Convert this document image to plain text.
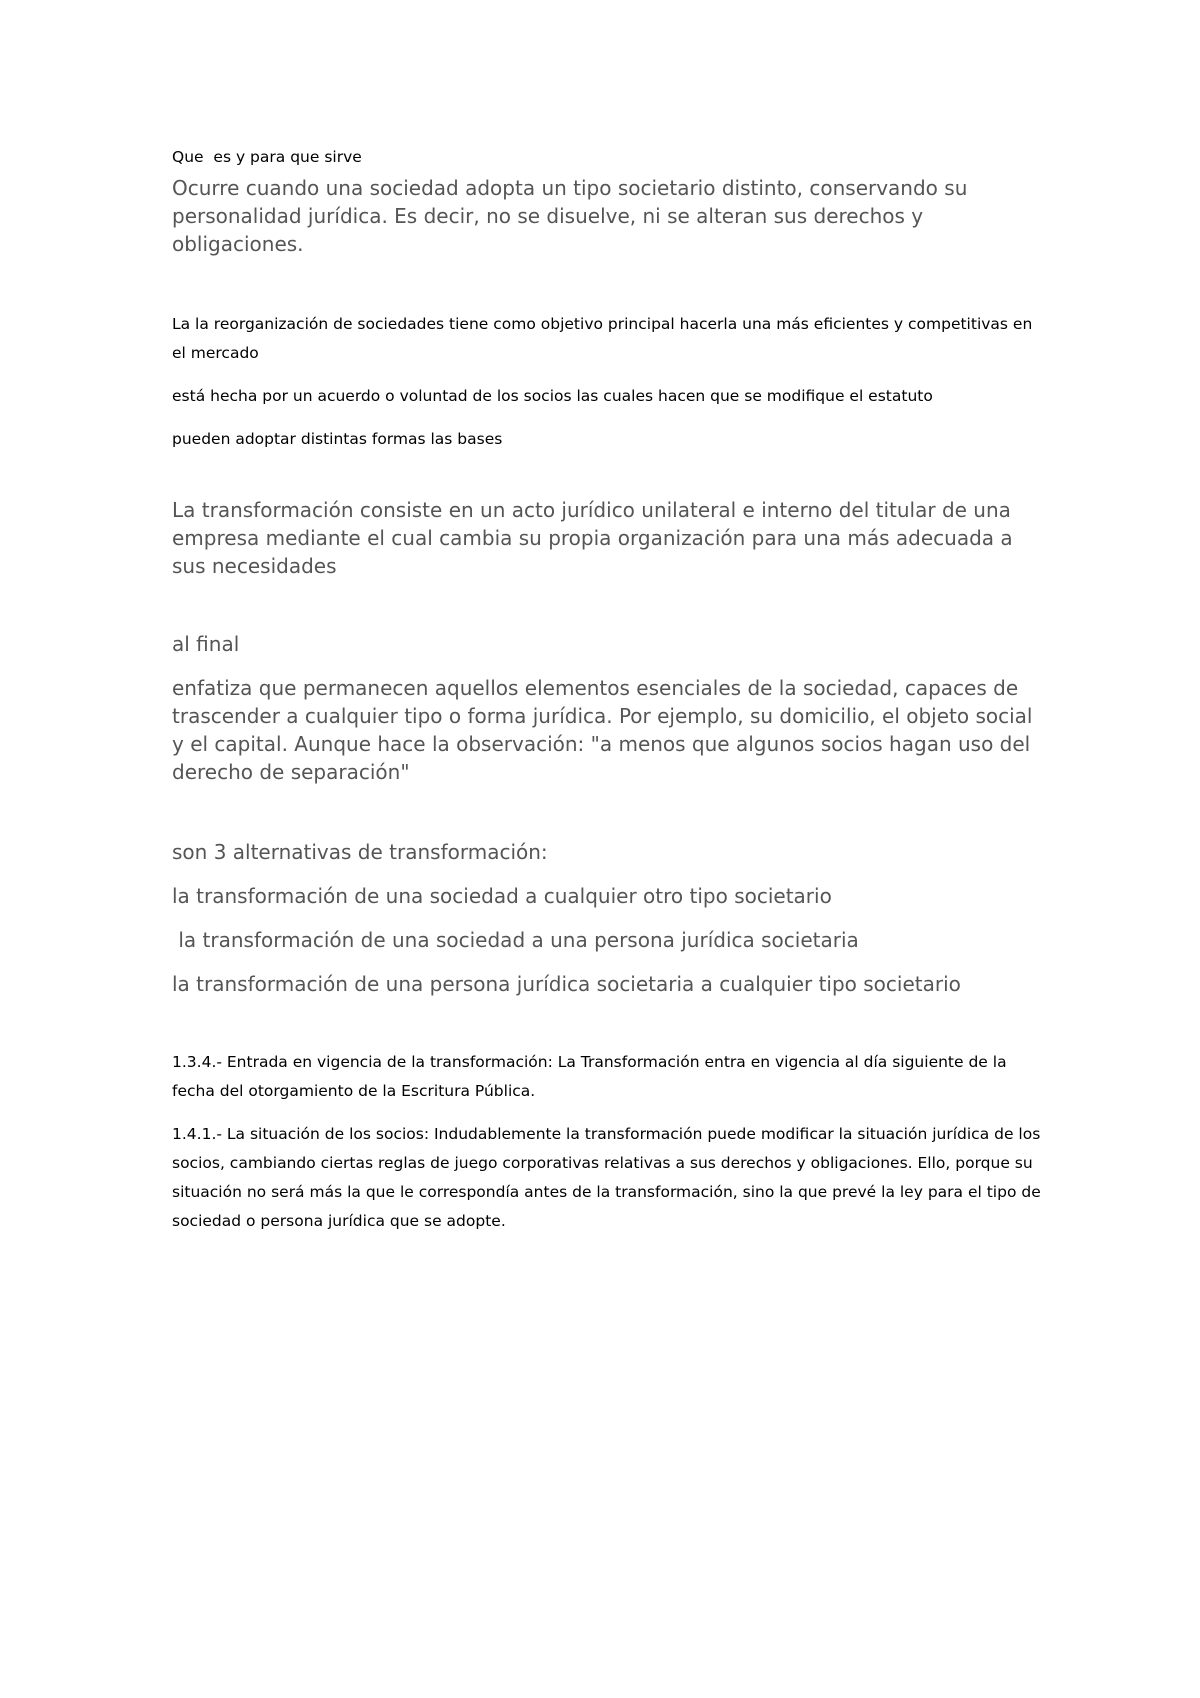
Que  es y para que sirve

Ocurre cuando una sociedad adopta un tipo societario distinto, conservando su personalidad jurídica. Es decir, no se disuelve, ni se alteran sus derechos y obligaciones.

La la reorganización de sociedades tiene como objetivo principal hacerla una más eficientes y competitivas en el mercado

está hecha por un acuerdo o voluntad de los socios las cuales hacen que se modifique el estatuto

pueden adoptar distintas formas las bases

La transformación consiste en un acto jurídico unilateral e interno del titular de una empresa mediante el cual cambia su propia organización para una más adecuada a sus necesidades

al final

enfatiza que permanecen aquellos elementos esenciales de la sociedad, capaces de trascender a cualquier tipo o forma jurídica. Por ejemplo, su domicilio, el objeto social y el capital. Aunque hace la observación: "a menos que algunos socios hagan uso del derecho de separación"

son 3 alternativas de transformación:

la transformación de una sociedad a cualquier otro tipo societario

la transformación de una sociedad a una persona jurídica societaria

la transformación de una persona jurídica societaria a cualquier tipo societario

1.3.4.- Entrada en vigencia de la transformación: La Transformación entra en vigencia al día siguiente de la fecha del otorgamiento de la Escritura Pública.

1.4.1.- La situación de los socios: Indudablemente la transformación puede modificar la situación jurídica de los socios, cambiando ciertas reglas de juego corporativas relativas a sus derechos y obligaciones. Ello, porque su situación no será más la que le correspondía antes de la transformación, sino la que prevé la ley para el tipo de sociedad o persona jurídica que se adopte.
